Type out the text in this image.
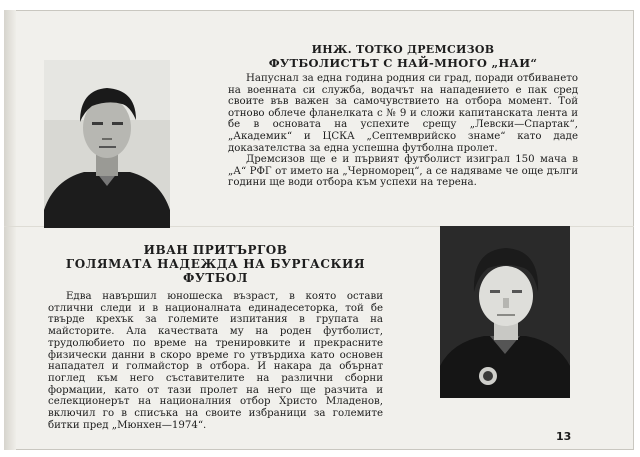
ИНЖ. ТОТКО ДРЕМСИЗОВ

ФУТБОЛИСТЪТ С НАЙ-МНОГО „НАИ“

Напуснал за една година родния си град, поради отбиването на военната си служба, водачът на нападението е пак сред своите във важен за самочувствието на отбора момент. Той отново облече фланелката с № 9 и сложи капитанската лента и бе в основата на успехите срещу „Левски—Спартак“, „Академик“ и ЦСКА „Септемврийско знаме“ като даде доказателства за една успешна футболна пролет.

Дремсизов ще е и първият футболист изиграл 150 мача в „А“ РФГ от името на „Черноморец“, а се надяваме че още дълги години ще води отбора към успехи на терена.

ИВАН ПРИТЪРГОВ

ГОЛЯМАТА НАДЕЖДА НА БУРГАСКИЯ ФУТБОЛ

Едва навършил юношеска възраст, в която остави отлични следи и в националната единадесеторка, той бе твърде крехък за големите изпитания в групата на майсторите. Ала качествата му на роден футболист, трудолюбието по време на тренировките и прекрасните физически данни в скоро време го утвърдиха като основен нападател и голмайстор в отбора. И накара да обърнат поглед към него съставителите на различни сборни формации, като от тази пролет на него ще разчита и селекционерът на националния отбор Христо Младенов, включил го в списъка на своите избраници за големите битки пред „Мюнхен—1974“.

13
